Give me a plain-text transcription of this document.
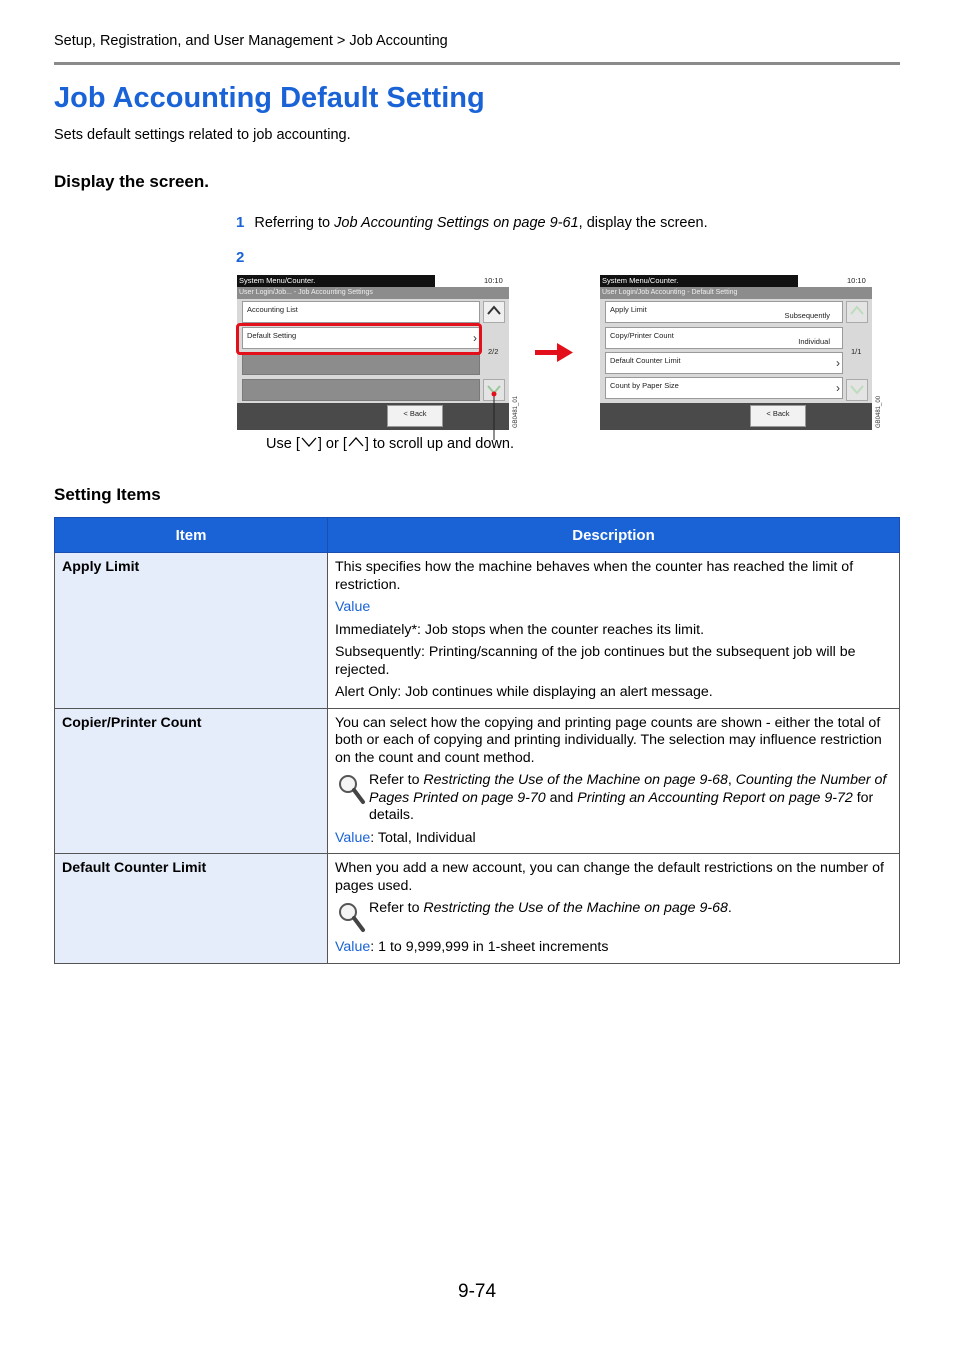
Setup, Registration, and User Management > Job Accounting
Job Accounting Default Setting
Sets default settings related to job accounting.
Display the screen.
1 Referring to Job Accounting Settings on page 9-61, display the screen.
2
System Menu/Counter.	10:10
User Login/Job... - Job Accounting Settings
Accounting List
Default Setting	›
2/2
< Back	GB0481_01
System Menu/Counter.	10:10
User Login/Job Accounting - Default Setting
Apply Limit
Subsequently
Copy/Printer Count
Individual
Default Counter Limit	›
Count by Paper Size	›
1/1
< Back	GB0481_00
Use [ ] or [ ] to scroll up and down.
Setting Items
Item	Description
Apply Limit	This specifies how the machine behaves when the counter has reached the limit of restriction.

Value

Immediately*: Job stops when the counter reaches its limit.

Subsequently: Printing/scanning of the job continues but the subsequent job will be rejected.

Alert Only: Job continues while displaying an alert message.

Copier/Printer Count	You can select how the copying and printing page counts are shown - either the total of both or each of copying and printing individually. The selection may influence restriction on the count and count method.

Refer to Restricting the Use of the Machine on page 9-68, Counting the Number of Pages Printed on page 9-70 and Printing an Accounting Report on page 9-72 for details.

Value: Total, Individual

Default Counter Limit	When you add a new account, you can change the default restrictions on the number of pages used.

Refer to Restricting the Use of the Machine on page 9-68.

Value: 1 to 9,999,999 in 1-sheet increments

9-74
